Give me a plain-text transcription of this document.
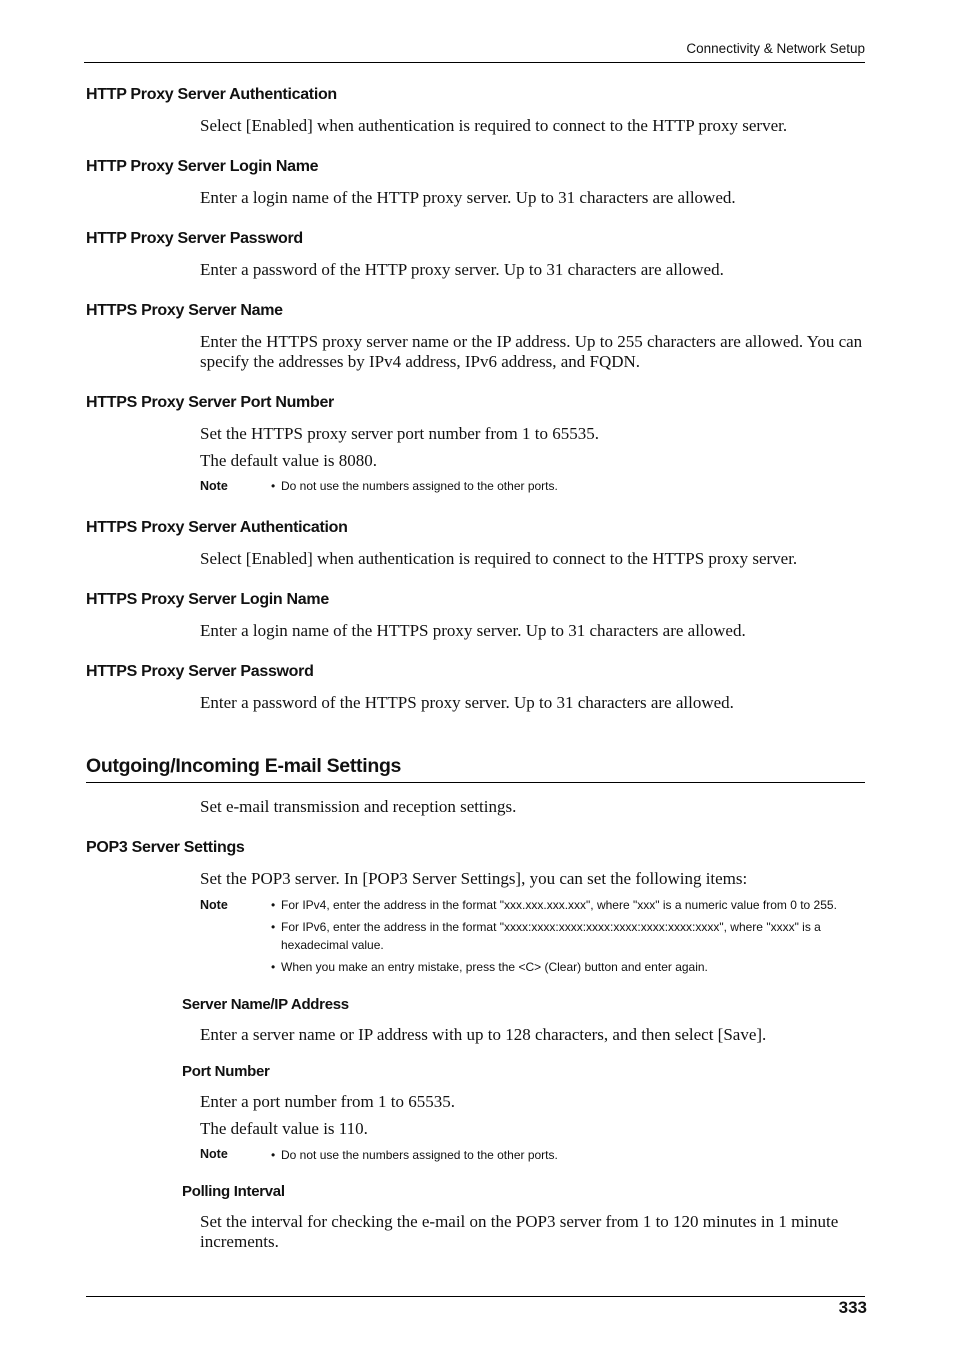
Connectivity & Network Setup
HTTP Proxy Server Authentication
Select [Enabled] when authentication is required to connect to the HTTP proxy server.
HTTP Proxy Server Login Name
Enter a login name of the HTTP proxy server. Up to 31 characters are allowed.
HTTP Proxy Server Password
Enter a password of the HTTP proxy server. Up to 31 characters are allowed.
HTTPS Proxy Server Name
Enter the HTTPS proxy server name or the IP address. Up to 255 characters are allowed. You can specify the addresses by IPv4 address, IPv6 address, and FQDN.
HTTPS Proxy Server Port Number
Set the HTTPS proxy server port number from 1 to 65535.
The default value is 8080.
Note	• Do not use the numbers assigned to the other ports.
HTTPS Proxy Server Authentication
Select [Enabled] when authentication is required to connect to the HTTPS proxy server.
HTTPS Proxy Server Login Name
Enter a login name of the HTTPS proxy server. Up to 31 characters are allowed.
HTTPS Proxy Server Password
Enter a password of the HTTPS proxy server. Up to 31 characters are allowed.
Outgoing/Incoming E-mail Settings
Set e-mail transmission and reception settings.
POP3 Server Settings
Set the POP3 server. In [POP3 Server Settings], you can set the following items:
Note	• For IPv4, enter the address in the format "xxx.xxx.xxx.xxx", where "xxx" is a numeric value from 0 to 255.
• For IPv6, enter the address in the format "xxxx:xxxx:xxxx:xxxx:xxxx:xxxx:xxxx:xxxx", where "xxxx" is a hexadecimal value.
• When you make an entry mistake, press the <C> (Clear) button and enter again.
Server Name/IP Address
Enter a server name or IP address with up to 128 characters, and then select [Save].
Port Number
Enter a port number from 1 to 65535.
The default value is 110.
Note	• Do not use the numbers assigned to the other ports.
Polling Interval
Set the interval for checking the e-mail on the POP3 server from 1 to 120 minutes in 1 minute increments.
333
